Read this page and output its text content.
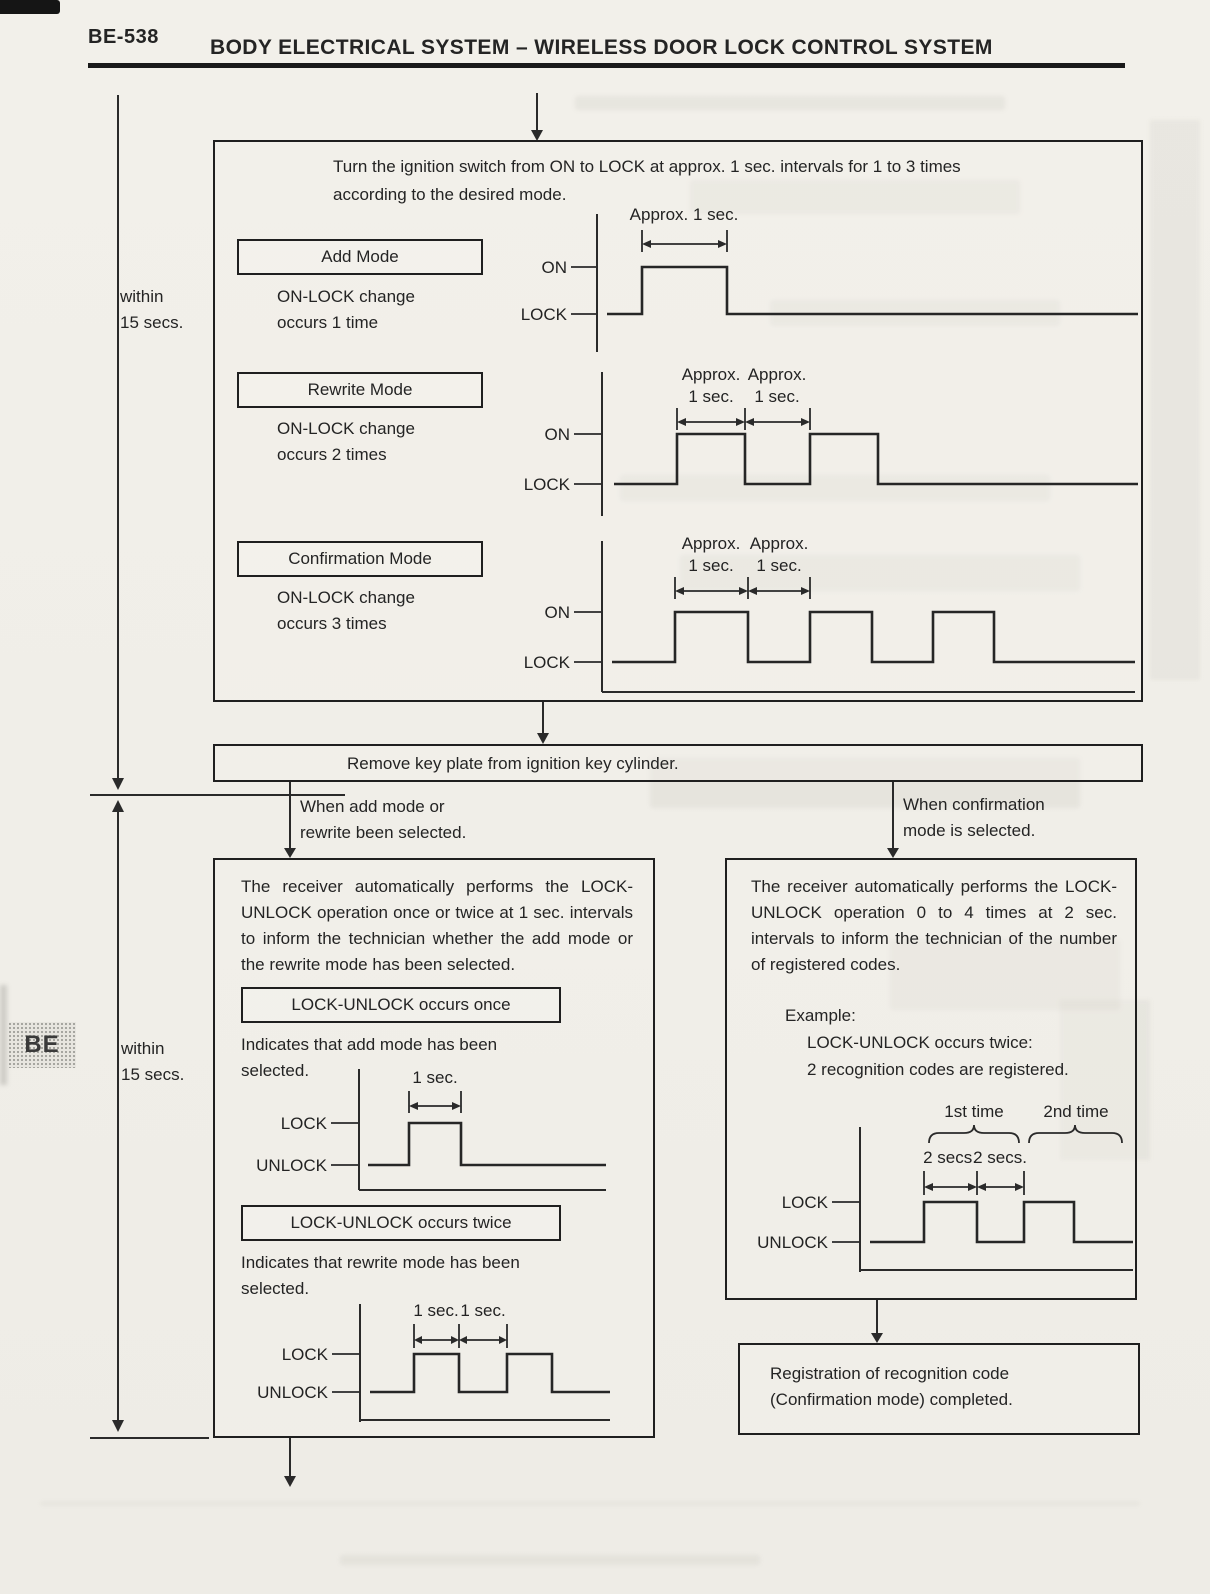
BE-538 BODY ELECTRICAL SYSTEM – WIRELESS DOOR LOCK CONTROL SYSTEM
within
15 secs.
Turn the ignition switch from ON to LOCK at approx. 1 sec. intervals for 1 to 3 times
according to the desired mode.
Add Mode
ON-LOCK change occurs 1 time
Approx. 1 sec.
ON
LOCK
Rewrite Mode
ON-LOCK change occurs 2 times
Approx. Approx.
1 sec. 1 sec.
ON
LOCK
Confirmation Mode
ON-LOCK change occurs 3 times
Approx. Approx.
1 sec. 1 sec.
ON
LOCK
Remove key plate from ignition key cylinder.
When add mode or rewrite been selected.
When confirmation mode is selected.
BE	within
15 secs.
The receiver automatically performs the LOCK-UNLOCK operation once or twice at 1 sec. intervals to inform the technician whether the add mode or the rewrite mode has been selected.
LOCK-UNLOCK occurs once
Indicates that add mode has been selected.	1 sec.
LOCK
UNLOCK
LOCK-UNLOCK occurs twice
Indicates that rewrite mode has been selected.
1 sec. 1 sec.
LOCK
UNLOCK
The receiver automatically performs the LOCK-UNLOCK operation 0 to 4 times at 2 sec. intervals to inform the technician of the number of registered codes.
Example:
LOCK-UNLOCK occurs twice:
2 recognition codes are registered.
1st time 2nd time
2 secs.
2 secs.
LOCK
UNLOCK
Registration of recognition code (Confirmation mode) completed.
